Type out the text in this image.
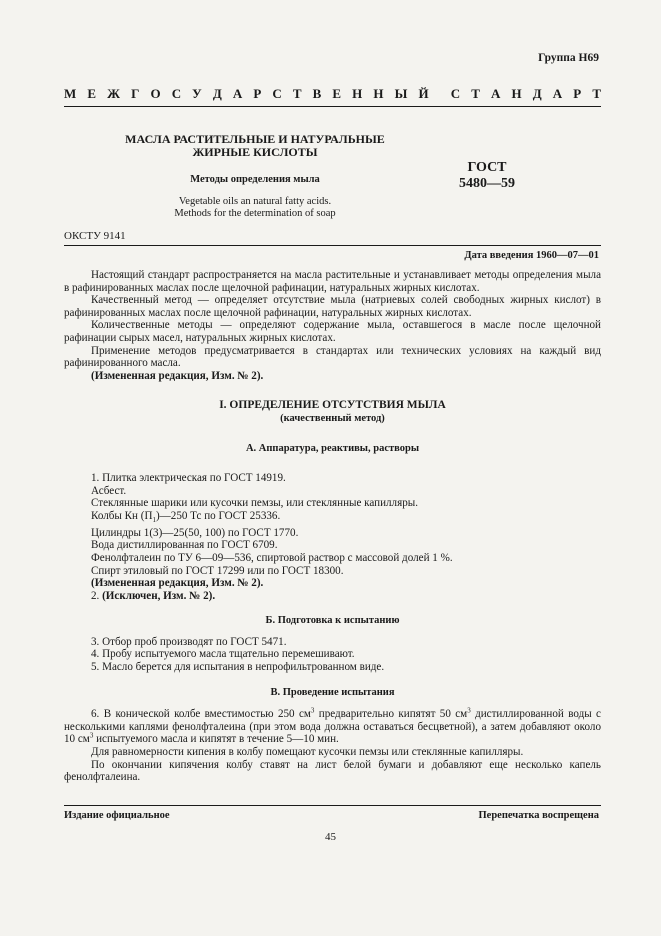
Группа Н69
М Е Ж Г О С У Д А Р С Т В Е Н Н Ы Й С Т А Н Д А Р Т
МАСЛА РАСТИТЕЛЬНЫЕ И НАТУРАЛЬНЫЕ
ЖИРНЫЕ КИСЛОТЫ
Методы определения мыла
Vegetable oils an natural fatty acids.
Methods for the determination of soap
ГОСТ
5480—59
ОКСТУ 9141
Дата введения 1960—07—01

Настоящий стандарт распространяется на масла растительные и устанавливает методы определения мыла в рафинированных маслах после щелочной рафинации, натуральных жирных кислотах.

Качественный метод — определяет отсутствие мыла (натриевых солей свободных жирных кислот) в рафинированных маслах после щелочной рафинации, натуральных жирных кислотах.

Количественные методы — определяют содержание мыла, оставшегося в масле после щелочной рафинации сырых масел, натуральных жирных кислотах.

Применение методов предусматривается в стандартах или технических условиях на каждый вид рафинированного масла.

(Измененная редакция, Изм. № 2).

I. ОПРЕДЕЛЕНИЕ ОТСУТСТВИЯ МЫЛА
(качественный метод)
А. Аппаратура, реактивы, растворы
1. Плитка электрическая по ГОСТ 14919.
Асбест.
Стеклянные шарики или кусочки пемзы, или стеклянные капилляры.
Колбы Кн $(П_1)—250$ Тс по ГОСТ 25336.
Цилиндры 1(3)—25(50, 100) по ГОСТ 1770.
Вода дистиллированная по ГОСТ 6709.
Фенолфталеин по ТУ 6—09—536, спиртовой раствор с массовой долей 1 %.
Спирт этиловый по ГОСТ 17299 или по ГОСТ 18300.
(Измененная редакция, Изм. № 2).
2. (Исключен, Изм. № 2).
Б. Подготовка к испытанию
3. Отбор проб производят по ГОСТ 5471.
4. Пробу испытуемого масла тщательно перемешивают.
5. Масло берется для испытания в непрофильтрованном виде.
В. Проведение испытания

6. В конической колбе вместимостью 250 $см^3$ предварительно кипятят 50 $см^3$ дистиллированной воды с несколькими каплями фенолфталеина (при этом вода должна оставаться бесцветной), а затем добавляют около 10 $см^3$ испытуемого масла и кипятят в течение 5—10 мин.

Для равномерности кипения в колбу помещают кусочки пемзы или стеклянные капилляры.

По окончании кипячения колбу ставят на лист белой бумаги и добавляют еще несколько капель фенолфталеина.

Издание официальное	Перепечатка воспрещена
45
